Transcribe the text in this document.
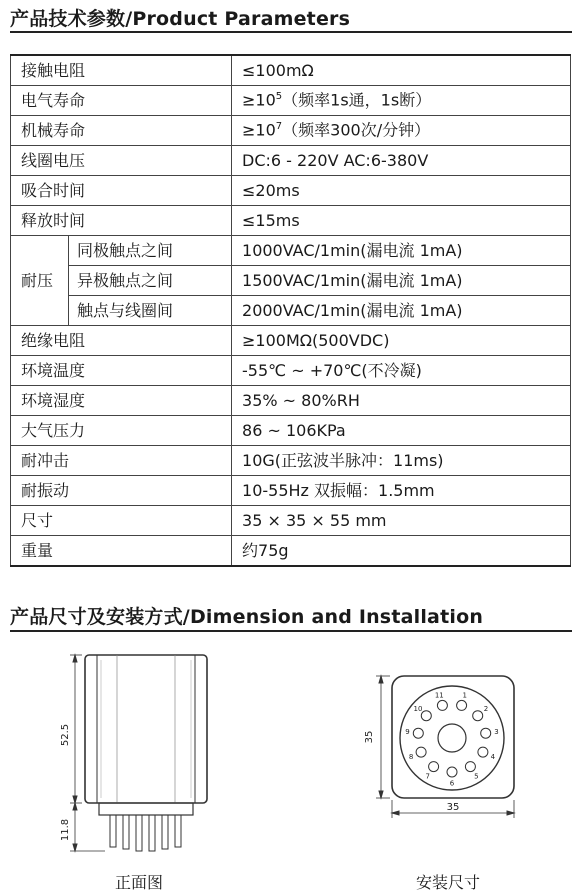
产品技术参数/Product Parameters
接触电阻		≤100mΩ
电气寿命		$\ge 10^5$（频率1s通，1s断）
机械寿命		$\ge 10^7$（频率300次/分钟）
线圈电压		DC:6 - 220V AC:6-380V
吸合时间		≤20ms
释放时间		≤15ms
耐压	同极触点之间	1000VAC/1min(漏电流 1mA)
	异极触点之间	1500VAC/1min(漏电流 1mA)
	触点与线圈间	2000VAC/1min(漏电流 1mA)
绝缘电阻		≥100MΩ(500VDC)
环境温度		-55℃ ~ +70℃(不冷凝)
环境湿度		35% ~ 80%RH
大气压力		86 ~ 106KPa
耐冲击		10G(正弦波半脉冲：11ms)
耐振动		10-55Hz 双振幅：1.5mm
尺寸		35 × 35 × 55 mm
重量		约75g
产品尺寸及安装方式/Dimension and Installation
52.5
11.8
1
2
3
4
5
6
7
8
9
10
11
35
35
正面图	安装尺寸
